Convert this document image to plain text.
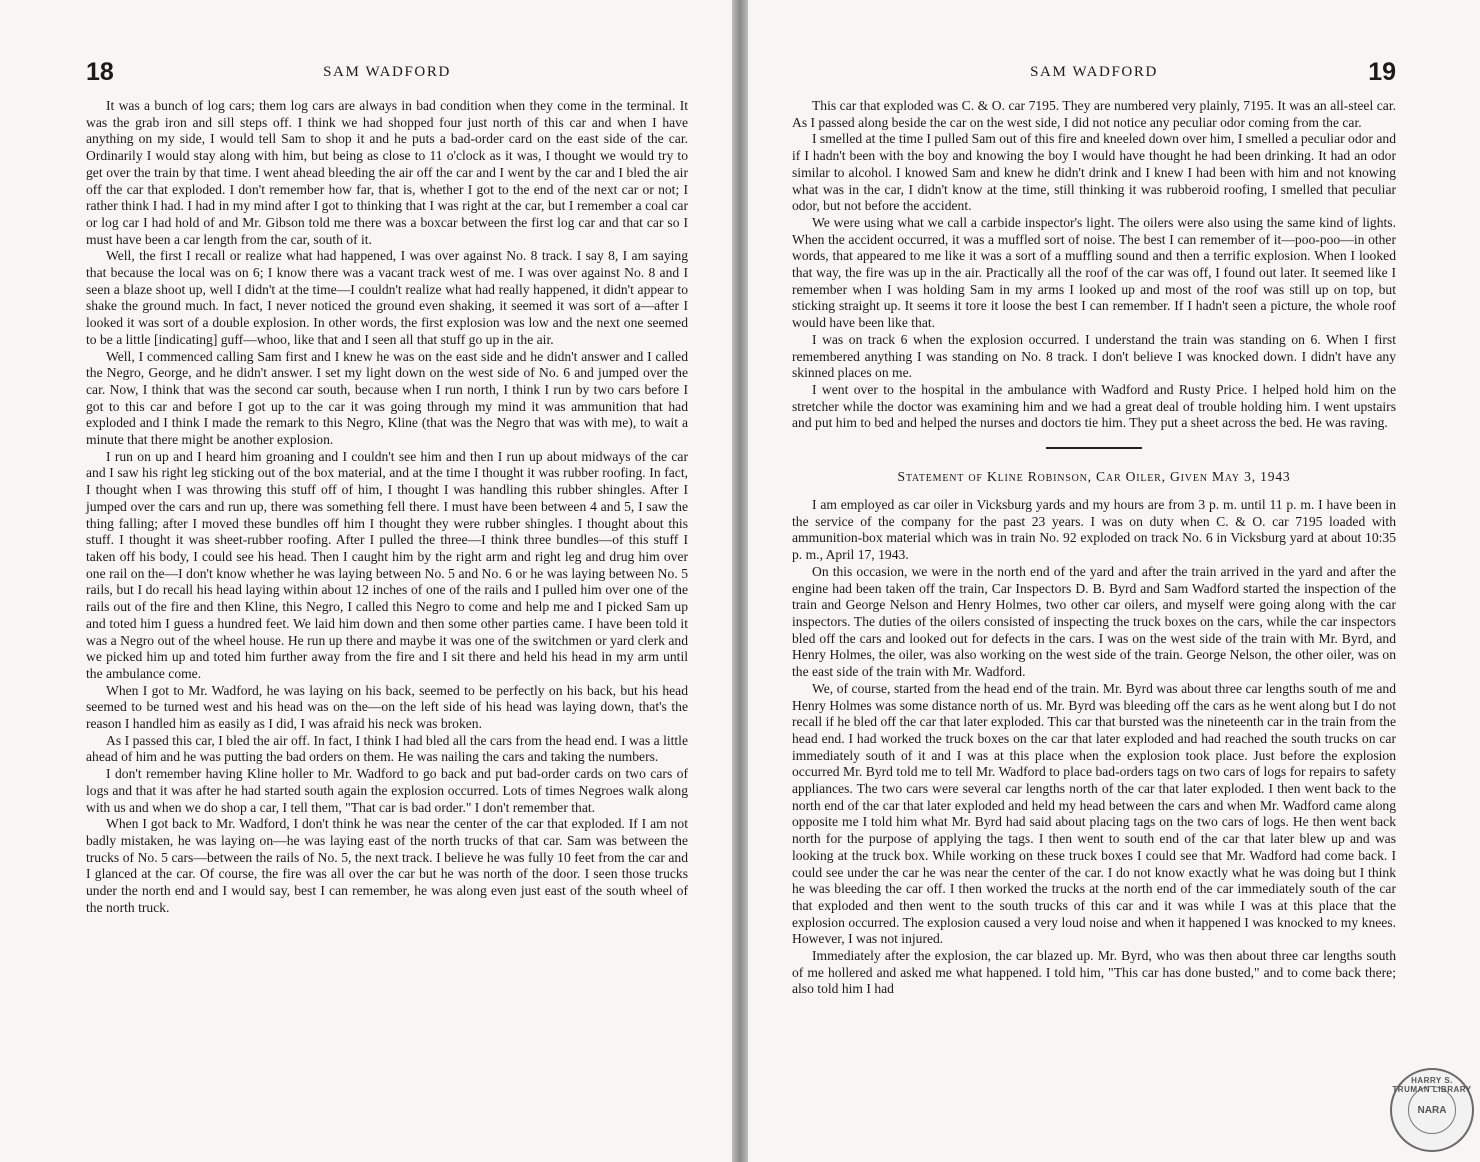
18	SAM WADFORD

It was a bunch of log cars; them log cars are always in bad condition when they come in the terminal. It was the grab iron and sill steps off. I think we had shopped four just north of this car and when I have anything on my side, I would tell Sam to shop it and he puts a bad-order card on the east side of the car. Ordinarily I would stay along with him, but being as close to 11 o'clock as it was, I thought we would try to get over the train by that time. I went ahead bleeding the air off the car and I went by the car and I bled the air off the car that exploded. I don't remember how far, that is, whether I got to the end of the next car or not; I rather think I had. I had in my mind after I got to thinking that I was right at the car, but I remember a coal car or log car I had hold of and Mr. Gibson told me there was a boxcar between the first log car and that car so I must have been a car length from the car, south of it.

Well, the first I recall or realize what had happened, I was over against No. 8 track. I say 8, I am saying that because the local was on 6; I know there was a vacant track west of me. I was over against No. 8 and I seen a blaze shoot up, well I didn't at the time—I couldn't realize what had really happened, it didn't appear to shake the ground much. In fact, I never noticed the ground even shaking, it seemed it was sort of a—after I looked it was sort of a double explosion. In other words, the first explosion was low and the next one seemed to be a little [indicating] guff—whoo, like that and I seen all that stuff go up in the air.

Well, I commenced calling Sam first and I knew he was on the east side and he didn't answer and I called the Negro, George, and he didn't answer. I set my light down on the west side of No. 6 and jumped over the car. Now, I think that was the second car south, because when I run north, I think I run by two cars before I got to this car and before I got up to the car it was going through my mind it was ammunition that had exploded and I think I made the remark to this Negro, Kline (that was the Negro that was with me), to wait a minute that there might be another explosion.

I run on up and I heard him groaning and I couldn't see him and then I run up about midways of the car and I saw his right leg sticking out of the box material, and at the time I thought it was rubber roofing. In fact, I thought when I was throwing this stuff off of him, I thought I was handling this rubber shingles. After I jumped over the cars and run up, there was something fell there. I must have been between 4 and 5, I saw the thing falling; after I moved these bundles off him I thought they were rubber shingles. I thought about this stuff. I thought it was sheet-rubber roofing. After I pulled the three—I think three bundles—of this stuff I taken off his body, I could see his head. Then I caught him by the right arm and right leg and drug him over one rail on the—I don't know whether he was laying between No. 5 and No. 6 or he was laying between No. 5 rails, but I do recall his head laying within about 12 inches of one of the rails and I pulled him over one of the rails out of the fire and then Kline, this Negro, I called this Negro to come and help me and I picked Sam up and toted him I guess a hundred feet. We laid him down and then some other parties came. I have been told it was a Negro out of the wheel house. He run up there and maybe it was one of the switchmen or yard clerk and we picked him up and toted him further away from the fire and I sit there and held his head in my arm until the ambulance come.

When I got to Mr. Wadford, he was laying on his back, seemed to be perfectly on his back, but his head seemed to be turned west and his head was on the—on the left side of his head was laying down, that's the reason I handled him as easily as I did, I was afraid his neck was broken.

As I passed this car, I bled the air off. In fact, I think I had bled all the cars from the head end. I was a little ahead of him and he was putting the bad orders on them. He was nailing the cars and taking the numbers.

I don't remember having Kline holler to Mr. Wadford to go back and put bad-order cards on two cars of logs and that it was after he had started south again the explosion occurred. Lots of times Negroes walk along with us and when we do shop a car, I tell them, "That car is bad order." I don't remember that.

When I got back to Mr. Wadford, I don't think he was near the center of the car that exploded. If I am not badly mistaken, he was laying on—he was laying east of the north trucks of that car. Sam was between the trucks of No. 5 cars—between the rails of No. 5, the next track. I believe he was fully 10 feet from the car and I glanced at the car. Of course, the fire was all over the car but he was north of the door. I seen those trucks under the north end and I would say, best I can remember, he was along even just east of the south wheel of the north truck.

SAM WADFORD	19

This car that exploded was C. & O. car 7195. They are numbered very plainly, 7195. It was an all-steel car. As I passed along beside the car on the west side, I did not notice any peculiar odor coming from the car.

I smelled at the time I pulled Sam out of this fire and kneeled down over him, I smelled a peculiar odor and if I hadn't been with the boy and knowing the boy I would have thought he had been drinking. It had an odor similar to alcohol. I knowed Sam and knew he didn't drink and I knew I had been with him and not knowing what was in the car, I didn't know at the time, still thinking it was rubberoid roofing, I smelled that peculiar odor, but not before the accident.

We were using what we call a carbide inspector's light. The oilers were also using the same kind of lights. When the accident occurred, it was a muffled sort of noise. The best I can remember of it—poo-poo—in other words, that appeared to me like it was a sort of a muffling sound and then a terrific explosion. When I looked that way, the fire was up in the air. Practically all the roof of the car was off, I found out later. It seemed like I remember when I was holding Sam in my arms I looked up and most of the roof was still up on top, but sticking straight up. It seems it tore it loose the best I can remember. If I hadn't seen a picture, the whole roof would have been like that.

I was on track 6 when the explosion occurred. I understand the train was standing on 6. When I first remembered anything I was standing on No. 8 track. I don't believe I was knocked down. I didn't have any skinned places on me.

I went over to the hospital in the ambulance with Wadford and Rusty Price. I helped hold him on the stretcher while the doctor was examining him and we had a great deal of trouble holding him. I went upstairs and put him to bed and helped the nurses and doctors tie him. They put a sheet across the bed. He was raving.

Statement of Kline Robinson, Car Oiler, Given May 3, 1943

I am employed as car oiler in Vicksburg yards and my hours are from 3 p. m. until 11 p. m. I have been in the service of the company for the past 23 years. I was on duty when C. & O. car 7195 loaded with ammunition-box material which was in train No. 92 exploded on track No. 6 in Vicksburg yard at about 10:35 p. m., April 17, 1943.

On this occasion, we were in the north end of the yard and after the train arrived in the yard and after the engine had been taken off the train, Car Inspectors D. B. Byrd and Sam Wadford started the inspection of the train and George Nelson and Henry Holmes, two other car oilers, and myself were going along with the car inspectors. The duties of the oilers consisted of inspecting the truck boxes on the cars, while the car inspectors bled off the cars and looked out for defects in the cars. I was on the west side of the train with Mr. Byrd, and Henry Holmes, the oiler, was also working on the west side of the train. George Nelson, the other oiler, was on the east side of the train with Mr. Wadford.

We, of course, started from the head end of the train. Mr. Byrd was about three car lengths south of me and Henry Holmes was some distance north of us. Mr. Byrd was bleeding off the cars as he went along but I do not recall if he bled off the car that later exploded. This car that bursted was the nineteenth car in the train from the head end. I had worked the truck boxes on the car that later exploded and had reached the south trucks on car immediately south of it and I was at this place when the explosion took place. Just before the explosion occurred Mr. Byrd told me to tell Mr. Wadford to place bad-orders tags on two cars of logs for repairs to safety appliances. The two cars were several car lengths north of the car that later exploded. I then went back to the north end of the car that later exploded and held my head between the cars and when Mr. Wadford came along opposite me I told him what Mr. Byrd had said about placing tags on the two cars of logs. He then went back north for the purpose of applying the tags. I then went to south end of the car that later blew up and was looking at the truck box. While working on these truck boxes I could see that Mr. Wadford had come back. I could see under the car he was near the center of the car. I do not know exactly what he was doing but I think he was bleeding the car off. I then worked the trucks at the north end of the car immediately south of the car that exploded and then went to the south trucks of this car and it was while I was at this place that the explosion occurred. The explosion caused a very loud noise and when it happened I was knocked to my knees. However, I was not injured.

Immediately after the explosion, the car blazed up. Mr. Byrd, who was then about three car lengths south of me hollered and asked me what happened. I told him, "This car has done busted," and to come back there; also told him I had

HARRY S. TRUMAN LIBRARY
NARA
